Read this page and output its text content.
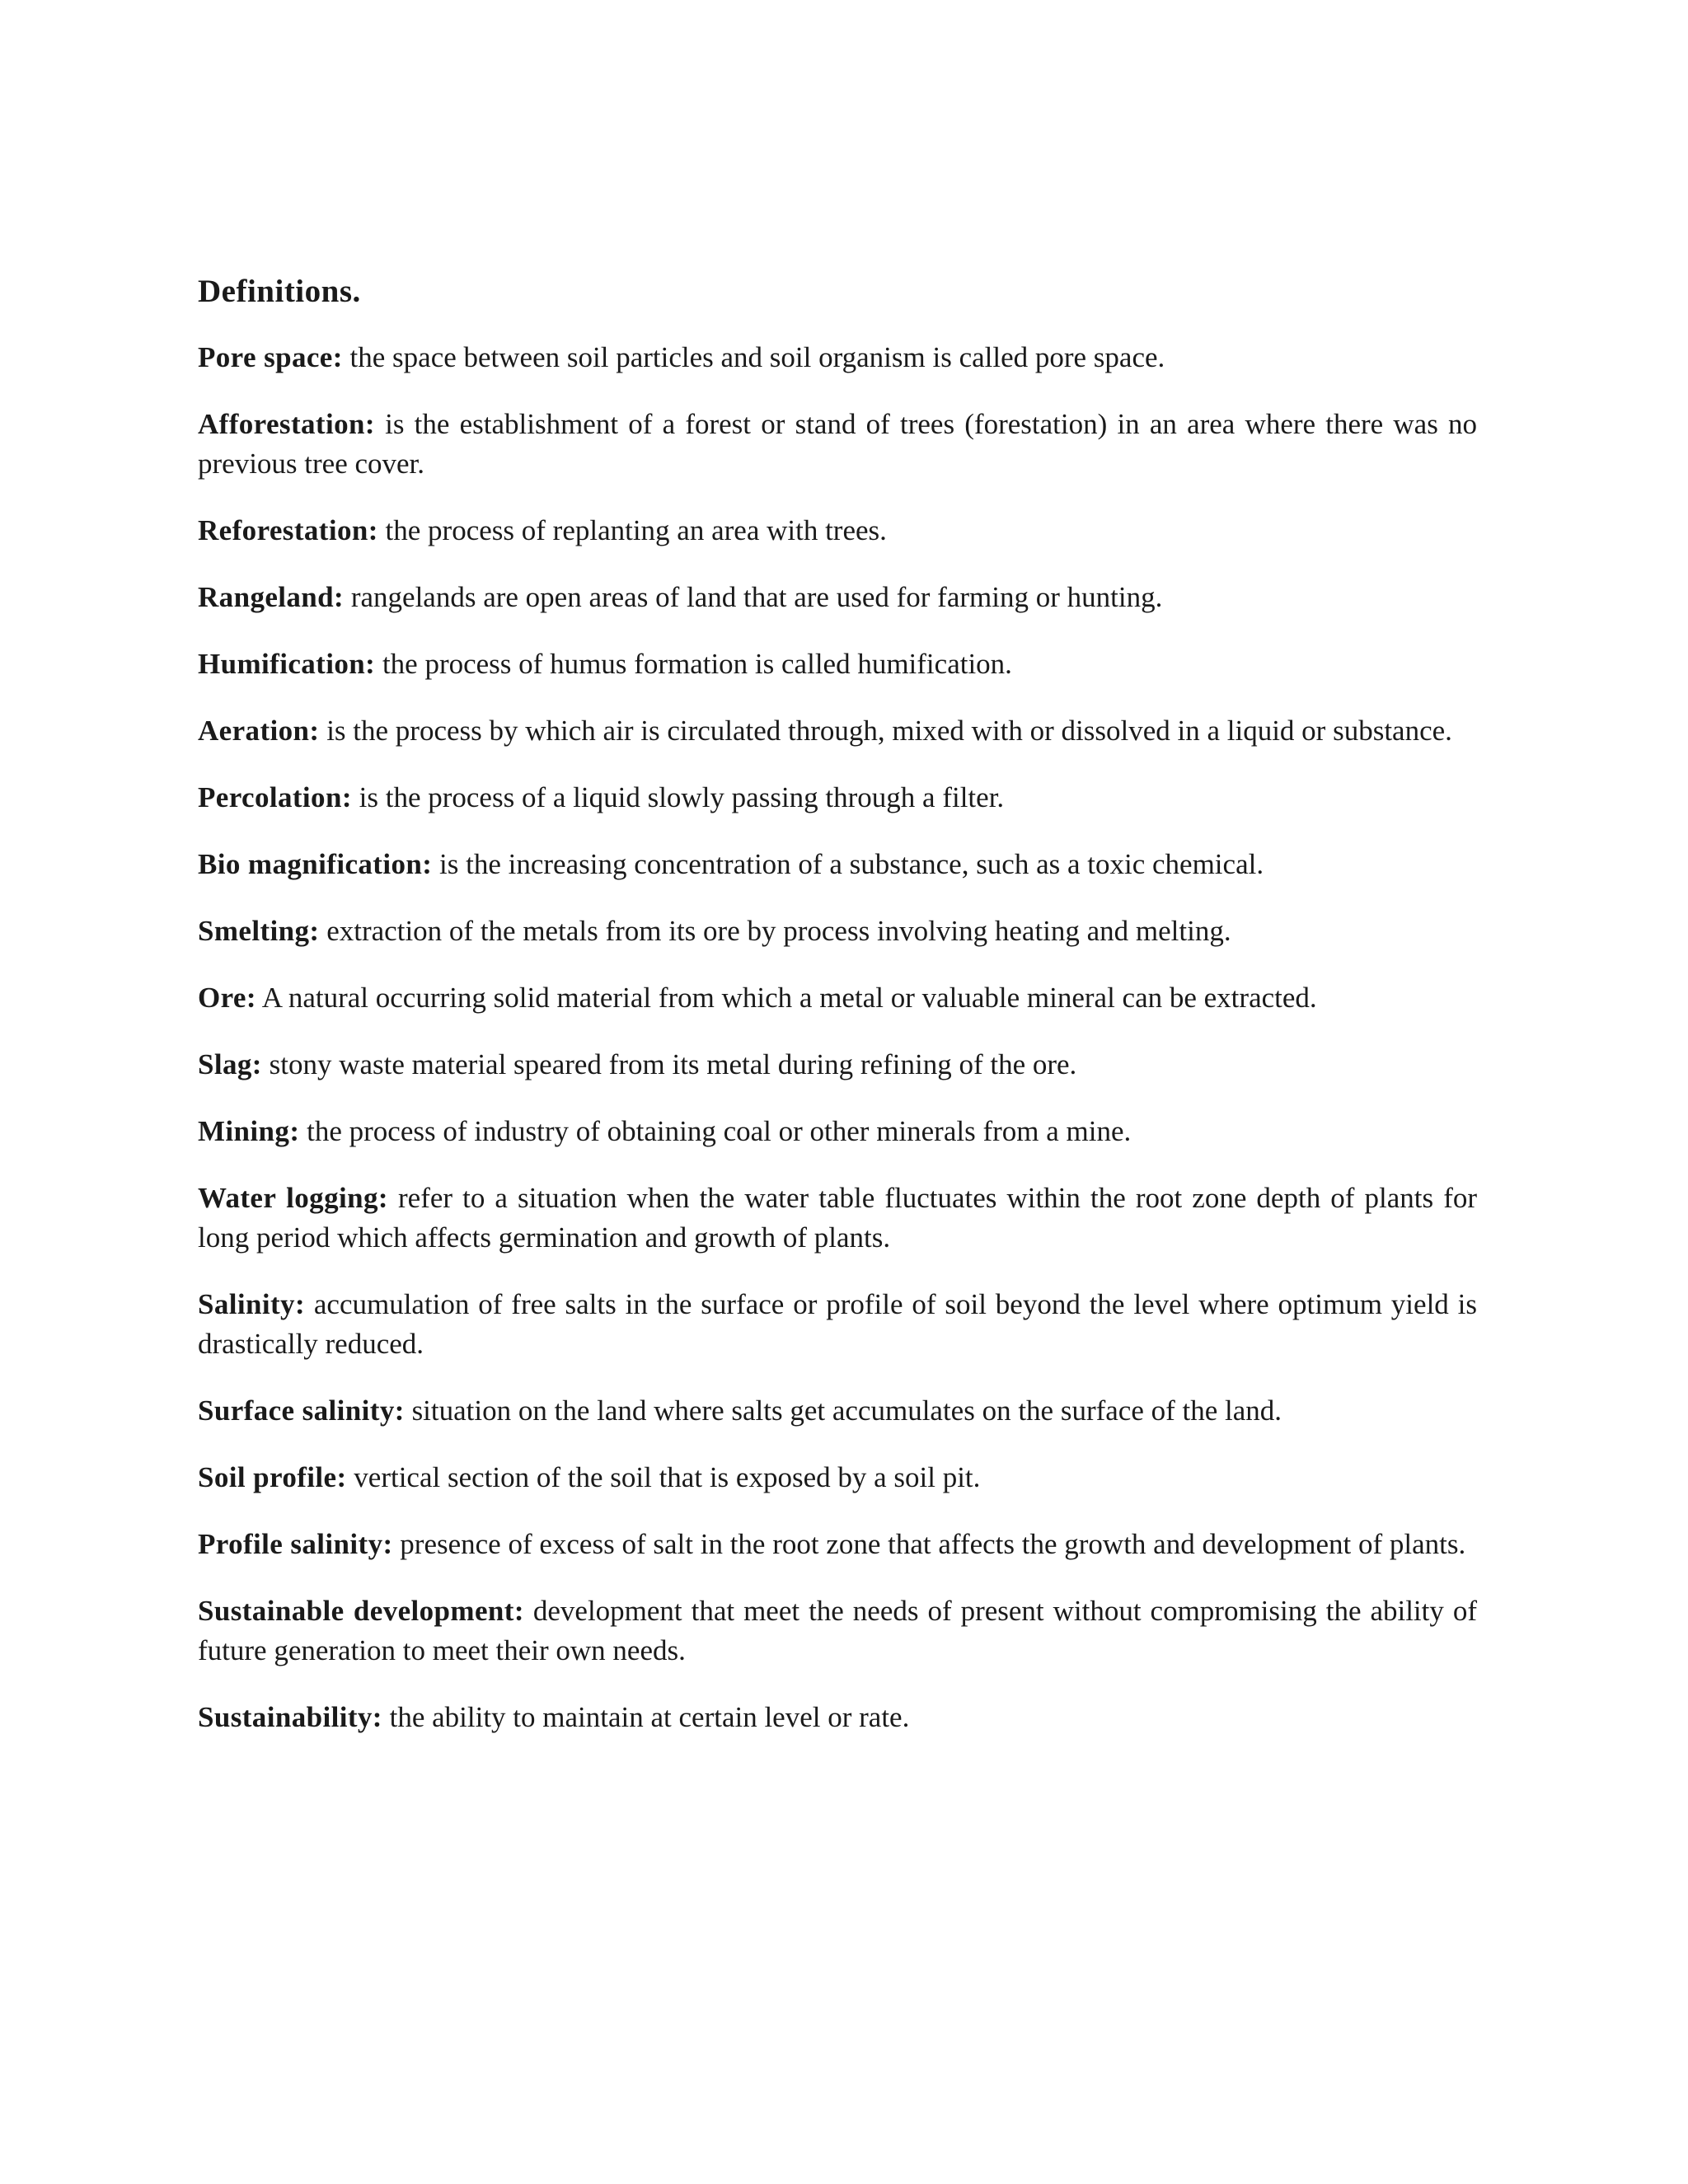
Definitions.

Pore space: the space between soil particles and soil organism is called pore space.

Afforestation: is the establishment of a forest or stand of trees (forestation) in an area where there was no previous tree cover.

Reforestation: the process of replanting an area with trees.

Rangeland: rangelands are open areas of land that are used for farming or hunting.

Humification: the process of humus formation is called humification.

Aeration: is the process by which air is circulated through, mixed with or dissolved in a liquid or substance.

Percolation: is the process of a liquid slowly passing through a filter.

Bio magnification: is the increasing concentration of a substance, such as a toxic chemical.

Smelting: extraction of the metals from its ore by process involving heating and melting.

Ore: A natural occurring solid material from which a metal or valuable mineral can be extracted.

Slag: stony waste material speared from its metal during refining of the ore.

Mining: the process of industry of obtaining coal or other minerals from a mine.

Water logging: refer to a situation when the water table fluctuates within the root zone depth of plants for long period which affects germination and growth of plants.

Salinity: accumulation of free salts in the surface or profile of soil beyond the level where optimum yield is drastically reduced.

Surface salinity: situation on the land where salts get accumulates on the surface of the land.

Soil profile: vertical section of the soil that is exposed by a soil pit.

Profile salinity: presence of excess of salt in the root zone that affects the growth and development of plants.

Sustainable development: development that meet the needs of present without compromising the ability of future generation to meet their own needs.

Sustainability: the ability to maintain at certain level or rate.
